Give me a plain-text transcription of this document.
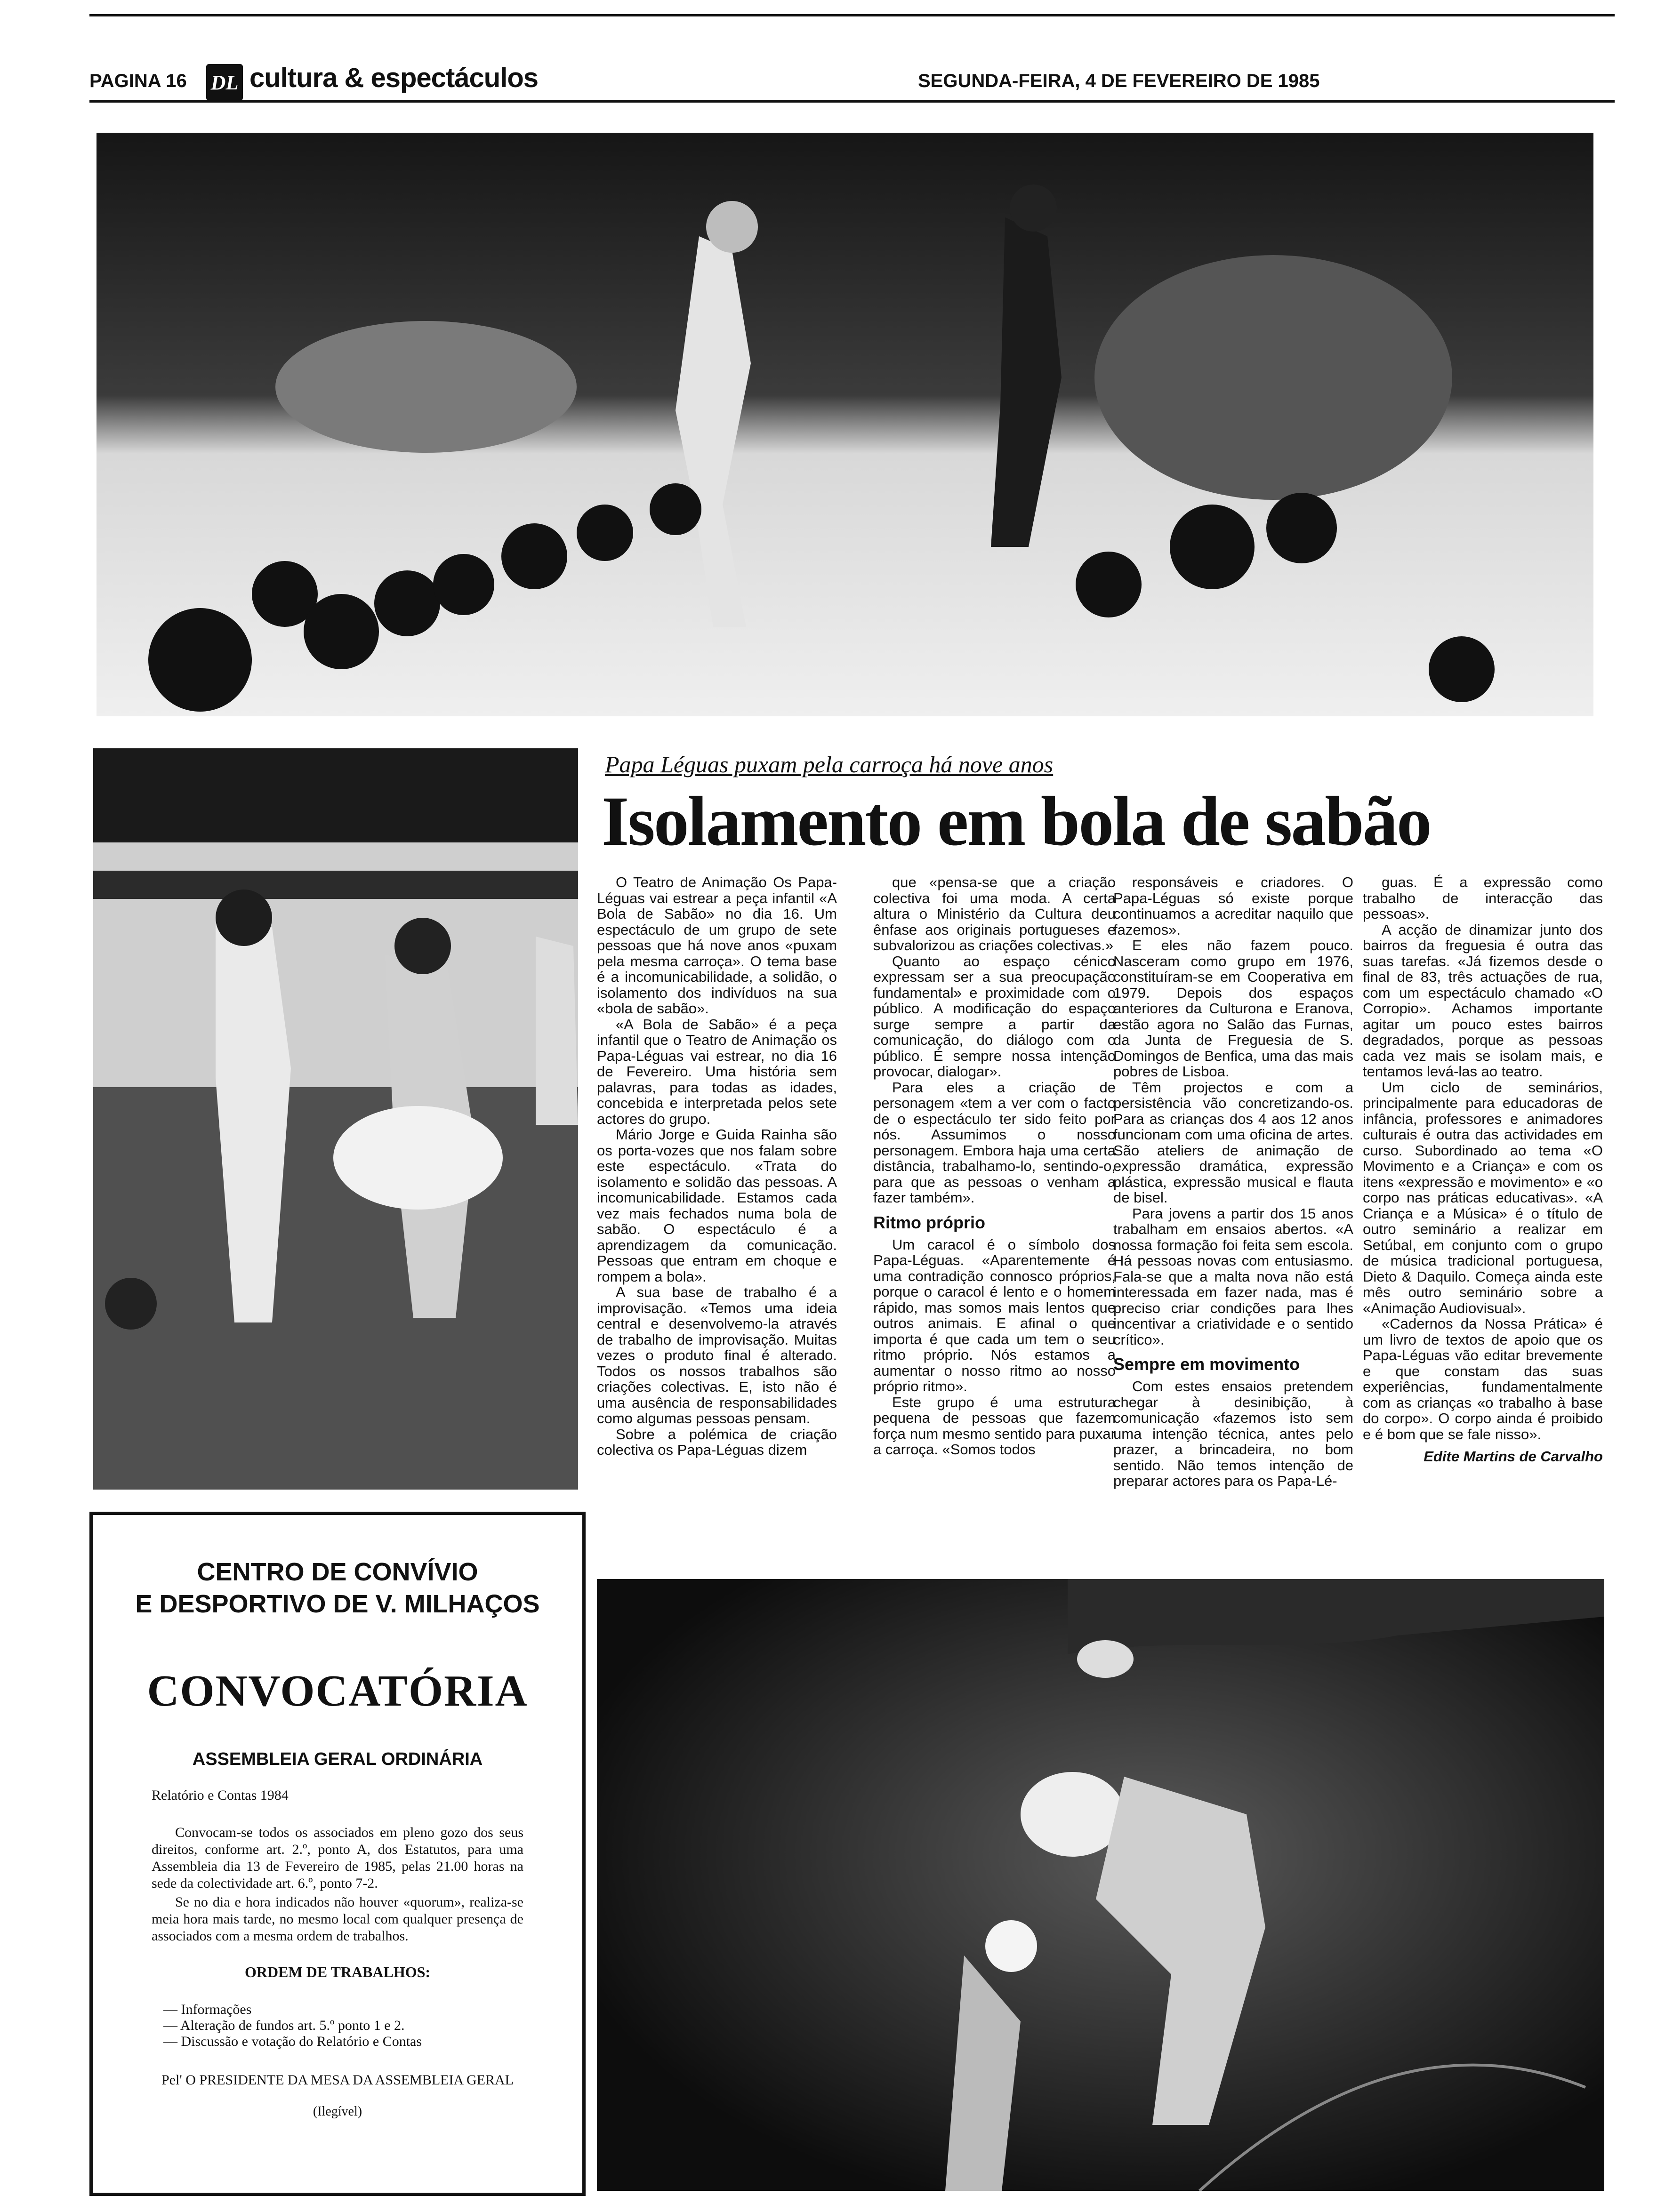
PAGINA 16 DL cultura & espectáculos	SEGUNDA-FEIRA, 4 DE FEVEREIRO DE 1985
Papa Léguas puxam pela carroça há nove anos
Isolamento em bola de sabão

O Teatro de Animação Os Papa-Léguas vai estrear a peça infantil «A Bola de Sabão» no dia 16. Um espectáculo de um grupo de sete pessoas que há nove anos «puxam pela mesma carroça». O tema base é a incomunicabilidade, a solidão, o isolamento dos indivíduos na sua «bola de sabão».

«A Bola de Sabão» é a peça infantil que o Teatro de Animação os Papa-Léguas vai estrear, no dia 16 de Fevereiro. Uma história sem palavras, para todas as idades, concebida e interpretada pelos sete actores do grupo.

Mário Jorge e Guida Rainha são os porta-vozes que nos falam sobre este espectáculo. «Trata do isolamento e solidão das pessoas. A incomunicabilidade. Estamos cada vez mais fechados numa bola de sabão. O espectáculo é a aprendizagem da comunicação. Pessoas que entram em choque e rompem a bola».

A sua base de trabalho é a improvisação. «Temos uma ideia central e desenvolvemo-la através de trabalho de improvisação. Muitas vezes o produto final é alterado. Todos os nossos trabalhos são criações colectivas. E, isto não é uma ausência de responsabilidades como algumas pessoas pensam.

Sobre a polémica de criação colectiva os Papa-Léguas dizem

que «pensa-se que a criação colectiva foi uma moda. A certa altura o Ministério da Cultura deu ênfase aos originais portugueses e subvalorizou as criações colectivas.»

Quanto ao espaço cénico expressam ser a sua preocupação fundamental» e proximidade com o público. A modificação do espaço surge sempre a partir da comunicação, do diálogo com o público. É sempre nossa intenção provocar, dialogar».

Para eles a criação de personagem «tem a ver com o facto de o espectáculo ter sido feito por nós. Assumimos o nosso personagem. Embora haja uma certa distância, trabalhamo-lo, sentindo-o, para que as pessoas o venham a fazer também».

Ritmo próprio

Um caracol é o símbolo dos Papa-Léguas. «Aparentemente é uma contradição connosco próprios, porque o caracol é lento e o homem rápido, mas somos mais lentos que outros animais. E afinal o que importa é que cada um tem o seu ritmo próprio. Nós estamos a aumentar o nosso ritmo ao nosso próprio ritmo».

Este grupo é uma estrutura pequena de pessoas que fazem força num mesmo sentido para puxar a carroça. «Somos todos

responsáveis e criadores. O Papa-Léguas só existe porque continuamos a acreditar naquilo que fazemos».

E eles não fazem pouco. Nasceram como grupo em 1976, constituíram-se em Cooperativa em 1979. Depois dos espaços anteriores da Culturona e Eranova, estão agora no Salão das Furnas, da Junta de Freguesia de S. Domingos de Benfica, uma das mais pobres de Lisboa.

Têm projectos e com a persistência vão concretizando-os. Para as crianças dos 4 aos 12 anos funcionam com uma oficina de artes. São ateliers de animação de expressão dramática, expressão plástica, expressão musical e flauta de bisel.

Para jovens a partir dos 15 anos trabalham em ensaios abertos. «A nossa formação foi feita sem escola. Há pessoas novas com entusiasmo. Fala-se que a malta nova não está interessada em fazer nada, mas é preciso criar condições para lhes incentivar a criatividade e o sentido crítico».

Sempre em movimento

Com estes ensaios pretendem chegar à desinibição, à comunicação «fazemos isto sem uma intenção técnica, antes pelo prazer, a brincadeira, no bom sentido. Não temos intenção de preparar actores para os Papa-Lé-

guas. É a expressão como trabalho de interacção das pessoas».

A acção de dinamizar junto dos bairros da freguesia é outra das suas tarefas. «Já fizemos desde o final de 83, três actuações de rua, com um espectáculo chamado «O Corropio». Achamos importante agitar um pouco estes bairros degradados, porque as pessoas cada vez mais se isolam mais, e tentamos levá-las ao teatro.

Um ciclo de seminários, principalmente para educadoras de infância, professores e animadores culturais é outra das actividades em curso. Subordinado ao tema «O Movimento e a Criança» e com os itens «expressão e movimento» e «o corpo nas práticas educativas». «A Criança e a Música» é o título de outro seminário a realizar em Setúbal, em conjunto com o grupo de música tradicional portuguesa, Dieto & Daquilo. Começa ainda este mês outro seminário sobre a «Animação Audiovisual».

«Cadernos da Nossa Prática» é um livro de textos de apoio que os Papa-Léguas vão editar brevemente e que constam das suas experiências, fundamentalmente com as crianças «o trabalho à base do corpo». O corpo ainda é proibido e é bom que se fale nisso».

Edite Martins de Carvalho

CENTRO DE CONVÍVIO
E DESPORTIVO DE V. MILHAÇOS
CONVOCATÓRIA
ASSEMBLEIA GERAL ORDINÁRIA
Relatório e Contas 1984
Convocam-se todos os associados em pleno gozo dos seus direitos, conforme art. 2.º, ponto A, dos Estatutos, para uma Assembleia dia 13 de Fevereiro de 1985, pelas 21.00 horas na sede da colectividade art. 6.º, ponto 7-2.
Se no dia e hora indicados não houver «quorum», realiza-se meia hora mais tarde, no mesmo local com qualquer presença de associados com a mesma ordem de trabalhos.
ORDEM DE TRABALHOS:
— Informações
— Alteração de fundos art. 5.º ponto 1 e 2.
— Discussão e votação do Relatório e Contas
Pel' O PRESIDENTE DA MESA DA ASSEMBLEIA GERAL
(Ilegível)
